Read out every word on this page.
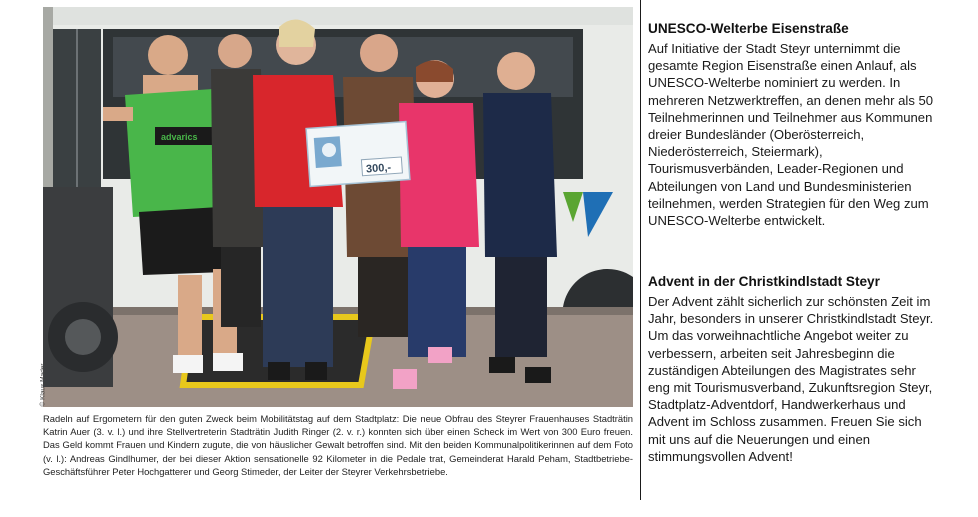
advarics
300,-
© Klaus Mader

Radeln auf Ergometern für den guten Zweck beim Mobilitätstag auf dem Stadtplatz: Die neue Obfrau des Steyrer Frauenhauses Stadträtin Katrin Auer (3. v. l.) und ihre Stellvertreterin Stadträtin Judith Ringer (2. v. r.) konnten sich über einen Scheck im Wert von 300 Euro freuen. Das Geld kommt Frauen und Kindern zugute, die von häuslicher Gewalt betroffen sind. Mit den beiden Kommunalpolitikerinnen auf dem Foto (v. l.): Andreas Gindlhumer, der bei dieser Aktion sensationelle 92 Kilometer in die Pedale trat, Gemeinderat Harald Peham, Stadtbetriebe-Geschäftsführer Peter Hochgatterer und Georg Stimeder, der Leiter der Steyrer Verkehrsbetriebe.

UNESCO-Welterbe Eisenstraße

Auf Initiative der Stadt Steyr unternimmt die gesamte Region Eisenstraße einen Anlauf, als UNESCO-Welterbe nominiert zu werden. In mehreren Netzwerktreffen, an denen mehr als 50 Teilnehmerinnen und Teilnehmer aus Kommunen dreier Bundesländer (Oberösterreich, Niederösterreich, Steiermark), Tourismusverbänden, Leader-Regionen und Abteilungen von Land und Bundesministerien teilnehmen, werden Strategien für den Weg zum UNESCO-Welterbe entwickelt.

Advent in der Christkindlstadt Steyr

Der Advent zählt sicherlich zur schönsten Zeit im Jahr, besonders in unserer Christkindlstadt Steyr. Um das vorweihnachtliche Angebot weiter zu verbessern, arbeiten seit Jahresbeginn die zuständigen Abteilungen des Magistrates sehr eng mit Tourismusverband, Zukunftsregion Steyr, Stadtplatz-Adventdorf, Handwerkerhaus und Advent im Schloss zusammen. Freuen Sie sich mit uns auf die Neuerungen und einen stimmungsvollen Advent!
